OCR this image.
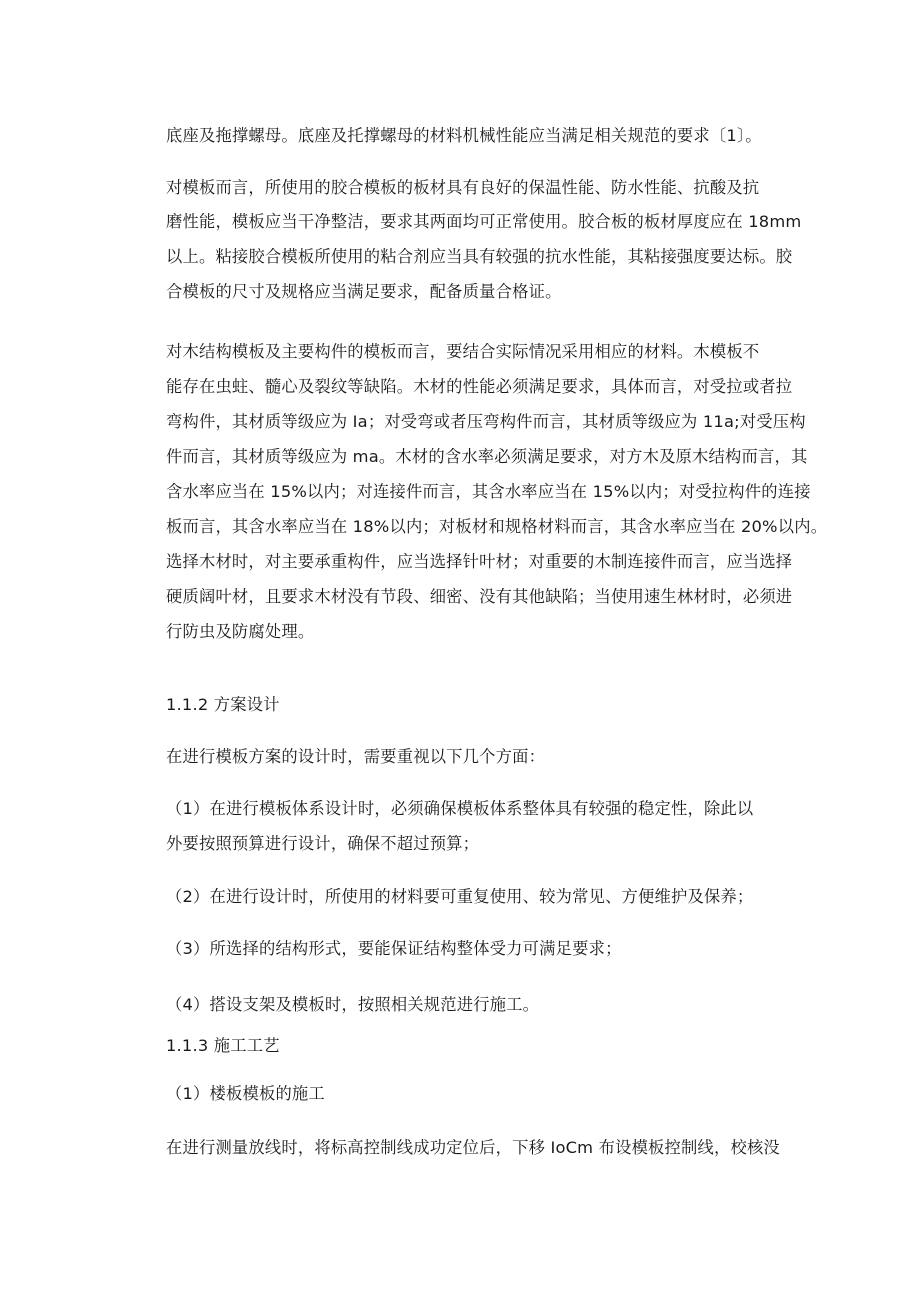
底座及拖撑螺母。底座及托撑螺母的材料机械性能应当满足相关规范的要求〔1〕。
对模板而言，所使用的胶合模板的板材具有良好的保温性能、防水性能、抗酸及抗
磨性能，模板应当干净整洁，要求其两面均可正常使用。胶合板的板材厚度应在 18mm
以上。粘接胶合模板所使用的粘合剂应当具有较强的抗水性能，其粘接强度要达标。胶
合模板的尺寸及规格应当满足要求，配备质量合格证。
对木结构模板及主要构件的模板而言，要结合实际情况采用相应的材料。木模板不
能存在虫蛀、髓心及裂纹等缺陷。木材的性能必须满足要求，具体而言，对受拉或者拉
弯构件，其材质等级应为 Ia；对受弯或者压弯构件而言，其材质等级应为 11a;对受压构
件而言，其材质等级应为 ma。木材的含水率必须满足要求，对方木及原木结构而言，其
含水率应当在 15%以内；对连接件而言，其含水率应当在 15%以内；对受拉构件的连接
板而言，其含水率应当在 18%以内；对板材和规格材料而言，其含水率应当在 20%以内。
选择木材时，对主要承重构件，应当选择针叶材；对重要的木制连接件而言，应当选择
硬质阔叶材，且要求木材没有节段、细密、没有其他缺陷；当使用速生林材时，必须进
行防虫及防腐处理。
1.1.2 方案设计
在进行模板方案的设计时，需要重视以下几个方面：
（1）在进行模板体系设计时，必须确保模板体系整体具有较强的稳定性，除此以
外要按照预算进行设计，确保不超过预算；
（2）在进行设计时，所使用的材料要可重复使用、较为常见、方便维护及保养；
（3）所选择的结构形式，要能保证结构整体受力可满足要求；
（4）搭设支架及模板时，按照相关规范进行施工。
1.1.3 施工工艺
（1）楼板模板的施工
在进行测量放线时，将标高控制线成功定位后，下移 IoCm 布设模板控制线，校核没
